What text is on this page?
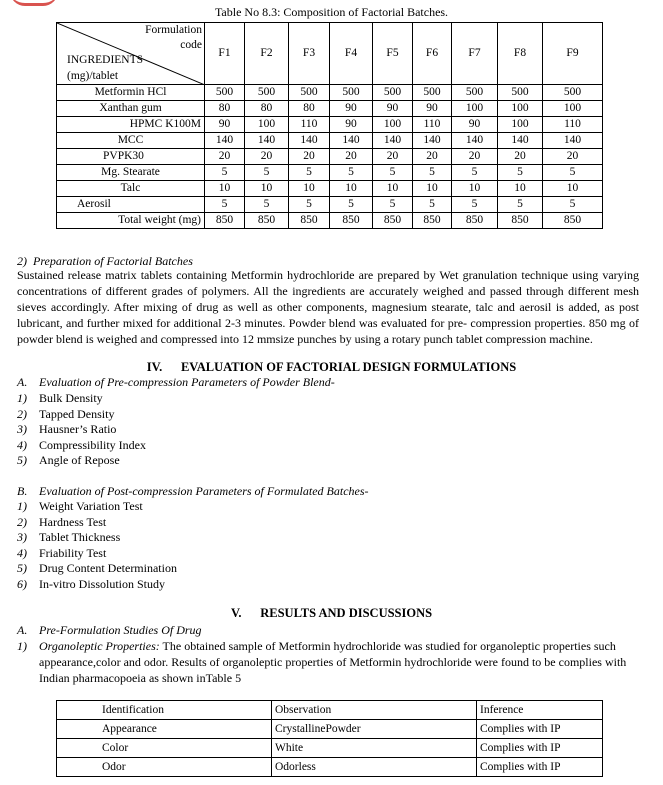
Table No 8.3: Composition of Factorial Batches.
Formulation
code
INGREDIENTS
(mg)/tablet	F1	F2	F3	F4	F5	F6	F7	F8	F9
Metformin HCl	500	500	500	500	500	500	500	500	500
Xanthan gum	80	80	80	90	90	90	100	100	100
HPMC K100M	90	100	110	90	100	110	90	100	110
MCC	140	140	140	140	140	140	140	140	140
PVPK30	20	20	20	20	20	20	20	20	20
Mg. Stearate	5	5	5	5	5	5	5	5	5
Talc	10	10	10	10	10	10	10	10	10
Aerosil	5	5	5	5	5	5	5	5	5
Total weight (mg)	850	850	850	850	850	850	850	850	850
2) Preparation of Factorial Batches
Sustained release matrix tablets containing Metformin hydrochloride are prepared by Wet granulation technique using varying concentrations of different grades of polymers. All the ingredients are accurately weighed and passed through different mesh sieves accordingly. After mixing of drug as well as other components, magnesium stearate, talc and aerosil is added, as post lubricant, and further mixed for additional 2-3 minutes. Powder blend was evaluated for pre- compression properties. 850 mg of powder blend is weighed and compressed into 12 mmsize punches by using a rotary punch tablet compression machine.
IV.      EVALUATION OF FACTORIAL DESIGN FORMULATIONS
A. Evaluation of Pre-compression Parameters of Powder Blend-
1) Bulk Density
2) Tapped Density
3) Hausner’s Ratio
4) Compressibility Index
5) Angle of Repose
B. Evaluation of Post-compression Parameters of Formulated Batches-
1) Weight Variation Test
2) Hardness Test
3) Tablet Thickness
4) Friability Test
5) Drug Content Determination
6) In-vitro Dissolution Study
V.      RESULTS AND DISCUSSIONS
A. Pre-Formulation Studies Of Drug
1) Organoleptic Properties: The obtained sample of Metformin hydrochloride was studied for organoleptic properties such
appearance,color and odor. Results of organoleptic properties of Metformin hydrochloride were found to be complies with Indian pharmacopoeia as shown inTable 5
Identification	Observation	Inference
Appearance	CrystallinePowder	Complies with IP
Color	White	Complies with IP
Odor	Odorless	Complies with IP
